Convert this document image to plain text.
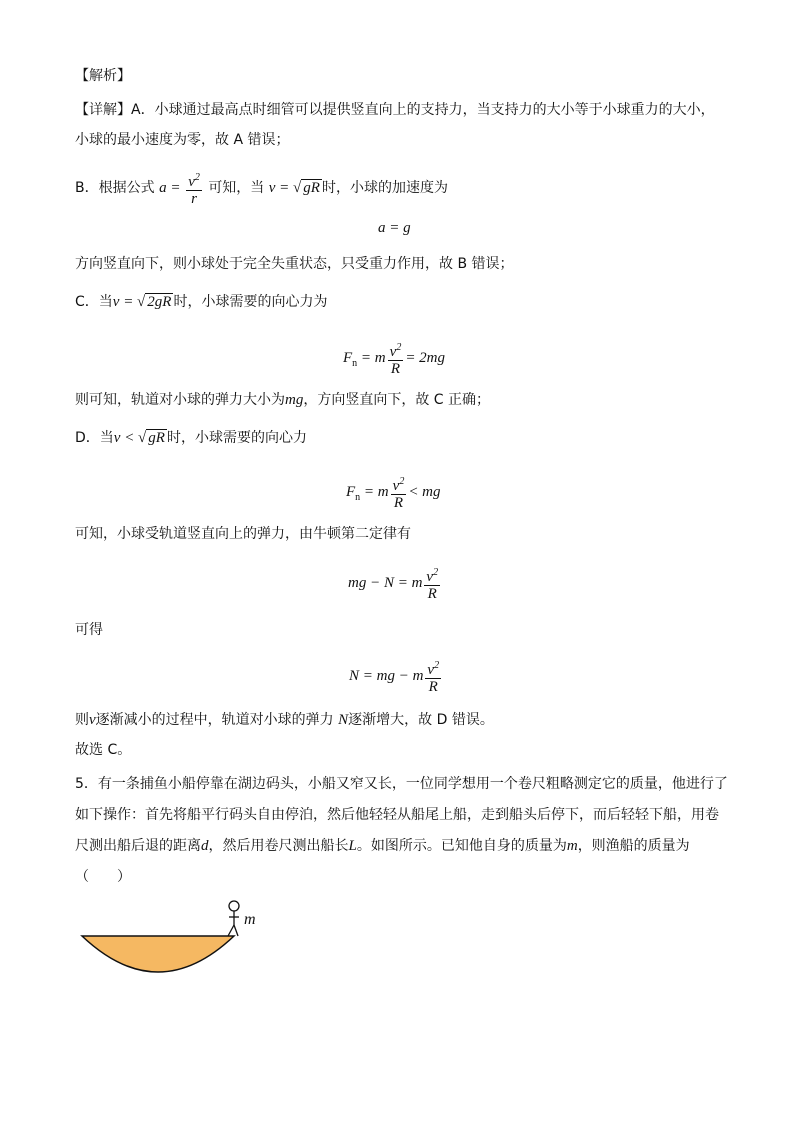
【解析】
【详解】A．小球通过最高点时细管可以提供竖直向上的支持力，当支持力的大小等于小球重力的大小，
小球的最小速度为零，故 A 错误；
B．根据公式 $a = \frac{v^2}{r}$ 可知，当 v = √ gR 时，小球的加速度为
a = g
方向竖直向下，则小球处于完全失重状态，只受重力作用，故 B 错误；
C．当v = √ 2gR 时，小球需要的向心力为
$F_n = m \frac{v^2}{R} = 2mg$
则可知，轨道对小球的弹力大小为mg，方向竖直向下，故 C 正确；
D．当v < √ gR 时，小球需要的向心力
$F_n = m \frac{v^2}{R}$ < mg
可知，小球受轨道竖直向上的弹力，由牛顿第二定律有
mg − N = m $\frac{v^2}{R}$
可得
N = mg − m $\frac{v^2}{R}$
则v逐渐减小的过程中，轨道对小球的弹力 N逐渐增大，故 D 错误。
故选 C。
5．有一条捕鱼小船停靠在湖边码头，小船又窄又长，一位同学想用一个卷尺粗略测定它的质量，他进行了
如下操作：首先将船平行码头自由停泊，然后他轻轻从船尾上船，走到船头后停下，而后轻轻下船，用卷
尺测出船后退的距离d，然后用卷尺测出船长L。如图所示。已知他自身的质量为m，则渔船的质量为
（　　）
m
